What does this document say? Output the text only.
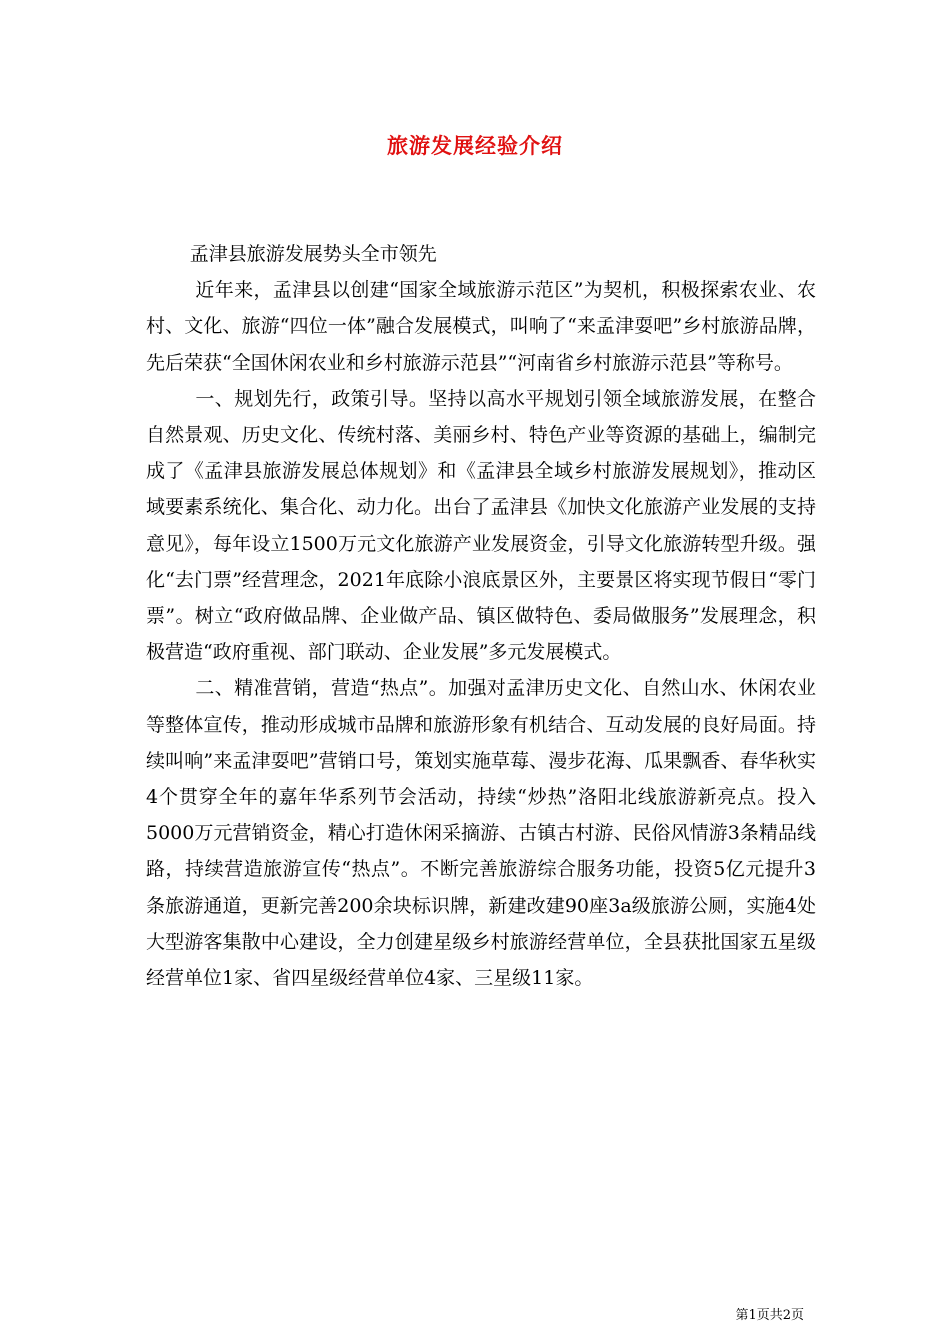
旅游发展经验介绍

孟津县旅游发展势头全市领先

近年来，孟津县以创建“国家全域旅游示范区”为契机，积极探索农业、农村、文化、旅游“四位一体”融合发展模式，叫响了“来孟津耍吧”乡村旅游品牌，先后荣获“全国休闲农业和乡村旅游示范县”“河南省乡村旅游示范县”等称号。

一、规划先行，政策引导。坚持以高水平规划引领全域旅游发展，在整合自然景观、历史文化、传统村落、美丽乡村、特色产业等资源的基础上，编制完成了《孟津县旅游发展总体规划》和《孟津县全域乡村旅游发展规划》，推动区域要素系统化、集合化、动力化。出台了孟津县《加快文化旅游产业发展的支持意见》，每年设立1500万元文化旅游产业发展资金，引导文化旅游转型升级。强化“去门票”经营理念，2021年底除小浪底景区外，主要景区将实现节假日“零门票”。树立“政府做品牌、企业做产品、镇区做特色、委局做服务”发展理念，积极营造“政府重视、部门联动、企业发展”多元发展模式。

二、精准营销，营造“热点”。加强对孟津历史文化、自然山水、休闲农业等整体宣传，推动形成城市品牌和旅游形象有机结合、互动发展的良好局面。持续叫响”来孟津耍吧”营销口号，策划实施草莓、漫步花海、瓜果飘香、春华秋实4个贯穿全年的嘉年华系列节会活动，持续“炒热”洛阳北线旅游新亮点。投入5000万元营销资金，精心打造休闲采摘游、古镇古村游、民俗风情游3条精品线路，持续营造旅游宣传“热点”。不断完善旅游综合服务功能，投资5亿元提升3条旅游通道，更新完善200余块标识牌，新建改建90座3a级旅游公厕，实施4处大型游客集散中心建设，全力创建星级乡村旅游经营单位，全县获批国家五星级经营单位1家、省四星级经营单位4家、三星级11家。

第1页共2页
